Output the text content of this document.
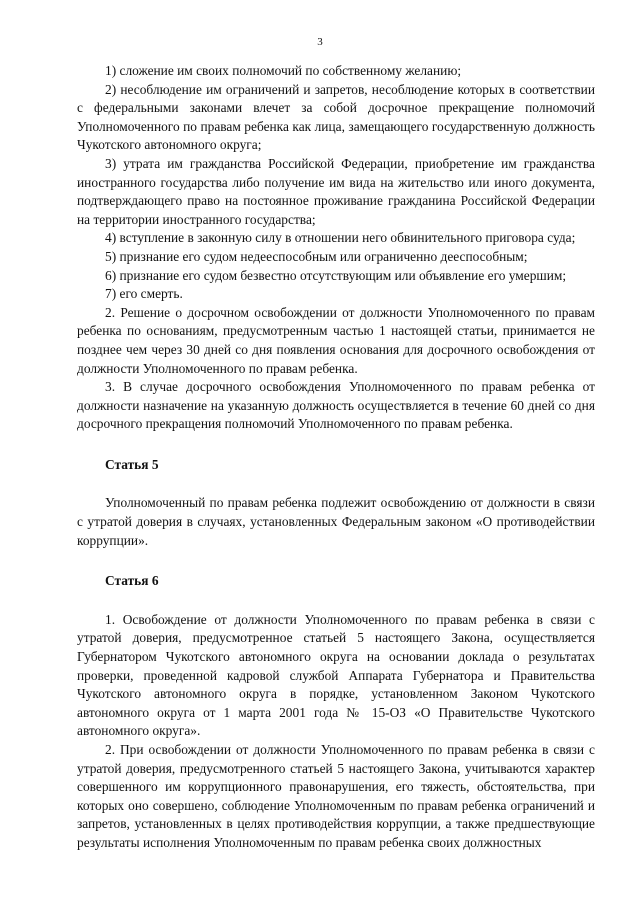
3

1) сложение им своих полномочий по собственному желанию;

2) несоблюдение им ограничений и запретов, несоблюдение которых в соответствии с федеральными законами влечет за собой досрочное прекращение полномочий Уполномоченного по правам ребенка как лица, замещающего государственную должность Чукотского автономного округа;

3) утрата им гражданства Российской Федерации, приобретение им гражданства иностранного государства либо получение им вида на жительство или иного документа, подтверждающего право на постоянное проживание гражданина Российской Федерации на территории иностранного государства;

4) вступление в законную силу в отношении него обвинительного приговора суда;

5) признание его судом недееспособным или ограниченно дееспособным;

6) признание его судом безвестно отсутствующим или объявление его умершим;

7) его смерть.

2. Решение о досрочном освобождении от должности Уполномоченного по правам ребенка по основаниям, предусмотренным частью 1 настоящей статьи, принимается не позднее чем через 30 дней со дня появления основания для досрочного освобождения от должности Уполномоченного по правам ребенка.

3. В случае досрочного освобождения Уполномоченного по правам ребенка от должности назначение на указанную должность осуществляется в течение 60 дней со дня досрочного прекращения полномочий Уполномоченного по правам ребенка.

Статья 5

Уполномоченный по правам ребенка подлежит освобождению от должности в связи с утратой доверия в случаях, установленных Федеральным законом «О противодействии коррупции».

Статья 6

1. Освобождение от должности Уполномоченного по правам ребенка в связи с утратой доверия, предусмотренное статьей 5 настоящего Закона, осуществляется Губернатором Чукотского автономного округа на основании доклада о результатах проверки, проведенной кадровой службой Аппарата Губернатора и Правительства Чукотского автономного округа в порядке, установленном Законом Чукотского автономного округа от 1 марта 2001 года № 15-ОЗ «О Правительстве Чукотского автономного округа».

2. При освобождении от должности Уполномоченного по правам ребенка в связи с утратой доверия, предусмотренного статьей 5 настоящего Закона, учитываются характер совершенного им коррупционного правонарушения, его тяжесть, обстоятельства, при которых оно совершено, соблюдение Уполномоченным по правам ребенка ограничений и запретов, установленных в целях противодействия коррупции, а также предшествующие результаты исполнения Уполномоченным по правам ребенка своих должностных
